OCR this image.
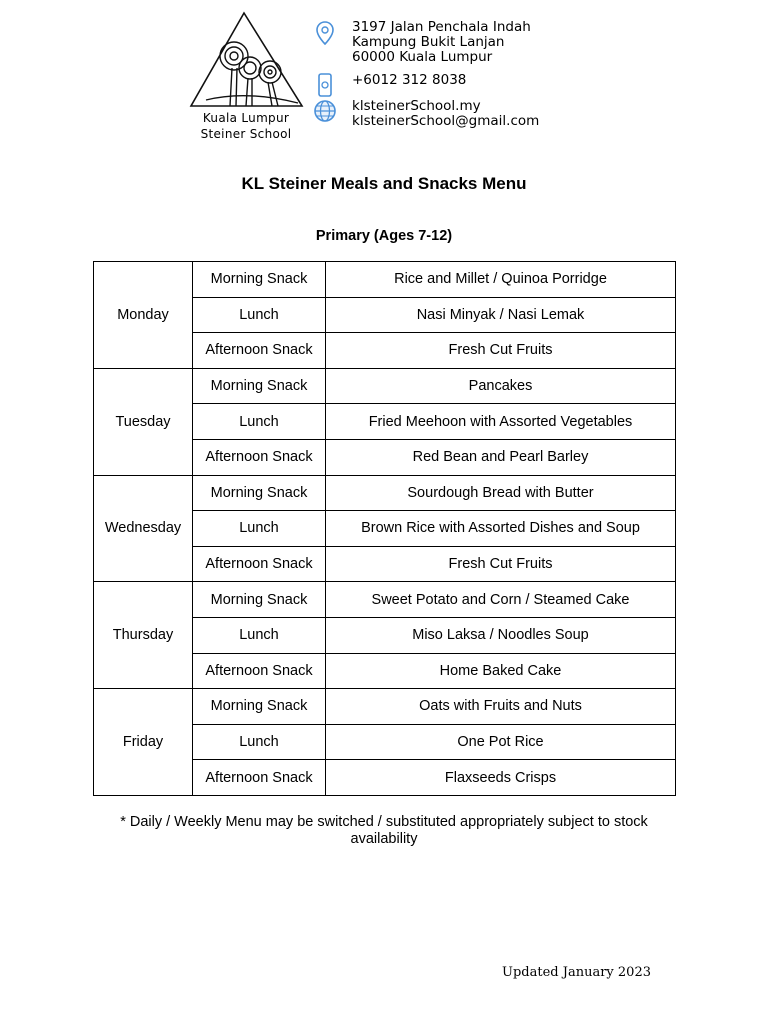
Kuala Lumpur
Steiner School
3197 Jalan Penchala Indah
Kampung Bukit Lanjan
60000 Kuala Lumpur
+6012 312 8038
klsteinerSchool.my
klsteinerSchool@gmail.com
KL Steiner Meals and Snacks Menu
Primary (Ages 7-12)
Monday	Morning Snack	Rice and Millet / Quinoa Porridge
	Lunch	Nasi Minyak / Nasi Lemak
	Afternoon Snack	Fresh Cut Fruits
Tuesday	Morning Snack	Pancakes
	Lunch	Fried Meehoon with Assorted Vegetables
	Afternoon Snack	Red Bean and Pearl Barley
Wednesday	Morning Snack	Sourdough Bread with Butter
	Lunch	Brown Rice with Assorted Dishes and Soup
	Afternoon Snack	Fresh Cut Fruits
Thursday	Morning Snack	Sweet Potato and Corn / Steamed Cake
	Lunch	Miso Laksa / Noodles Soup
	Afternoon Snack	Home Baked Cake
Friday	Morning Snack	Oats with Fruits and Nuts
	Lunch	One Pot Rice
	Afternoon Snack	Flaxseeds Crisps
* Daily / Weekly Menu may be switched / substituted appropriately subject to stock availability
Updated January 2023
